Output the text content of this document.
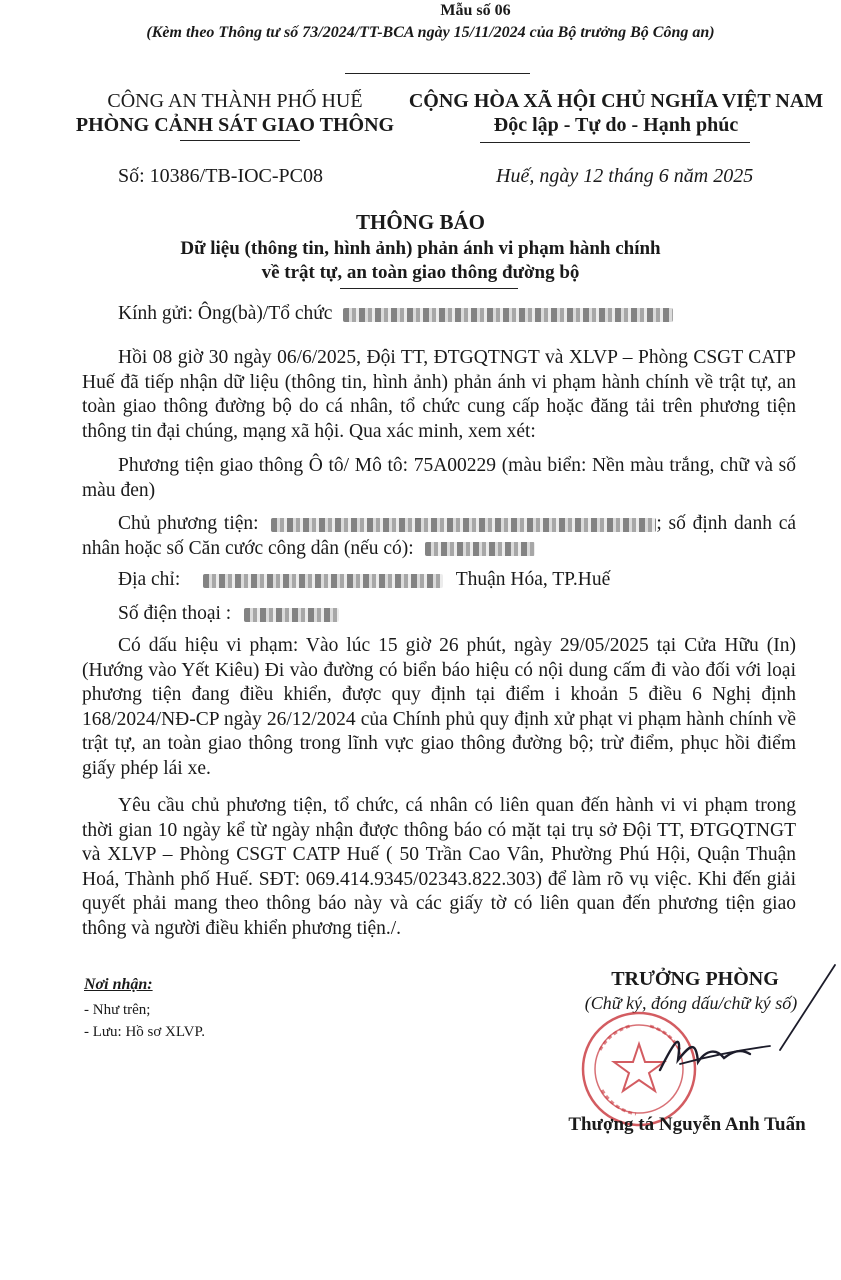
Mẫu số 06
(Kèm theo Thông tư số 73/2024/TT-BCA ngày 15/11/2024 của Bộ trưởng Bộ Công an)
CÔNG AN THÀNH PHỐ HUẾ
PHÒNG CẢNH SÁT GIAO THÔNG
CỘNG HÒA XÃ HỘI CHỦ NGHĨA VIỆT NAM
Độc lập - Tự do - Hạnh phúc
Số: 10386/TB-IOC-PC08	Huế, ngày 12 tháng 6 năm 2025
THÔNG BÁO
Dữ liệu (thông tin, hình ảnh) phản ánh vi phạm hành chính
về trật tự, an toàn giao thông đường bộ
Kính gửi: Ông(bà)/Tổ chức
Hồi 08 giờ 30 ngày 06/6/2025, Đội TT, ĐTGQTNGT và XLVP – Phòng CSGT CATP Huế đã tiếp nhận dữ liệu (thông tin, hình ảnh) phản ánh vi phạm hành chính về trật tự, an toàn giao thông đường bộ do cá nhân, tổ chức cung cấp hoặc đăng tải trên phương tiện thông tin đại chúng, mạng xã hội. Qua xác minh, xem xét:
Phương tiện giao thông Ô tô/ Mô tô: 75A00229 (màu biển: Nền màu trắng, chữ và số màu đen)
Chủ phương tiện:	; số định danh cá nhân hoặc số Căn cước công dân (nếu có):
Địa chỉ:	Thuận Hóa, TP.Huế
Số điện thoại :
Có dấu hiệu vi phạm: Vào lúc 15 giờ 26 phút, ngày 29/05/2025 tại Cửa Hữu (In) (Hướng vào Yết Kiêu) Đi vào đường có biển báo hiệu có nội dung cấm đi vào đối với loại phương tiện đang điều khiển, được quy định tại điểm i khoản 5 điều 6 Nghị định 168/2024/NĐ-CP ngày 26/12/2024 của Chính phủ quy định xử phạt vi phạm hành chính về trật tự, an toàn giao thông trong lĩnh vực giao thông đường bộ; trừ điểm, phục hồi điểm giấy phép lái xe.
Yêu cầu chủ phương tiện, tổ chức, cá nhân có liên quan đến hành vi vi phạm trong thời gian 10 ngày kể từ ngày nhận được thông báo có mặt tại trụ sở Đội TT, ĐTGQTNGT và XLVP – Phòng CSGT CATP Huế ( 50 Trần Cao Vân, Phường Phú Hội, Quận Thuận Hoá, Thành phố Huế. SĐT: 069.414.9345/02343.822.303) để làm rõ vụ việc. Khi đến giải quyết phải mang theo thông báo này và các giấy tờ có liên quan đến phương tiện giao thông và người điều khiển phương tiện./.
Nơi nhận:
- Như trên;
- Lưu: Hồ sơ XLVP.
TRƯỞNG PHÒNG
(Chữ ký, đóng dấu/chữ ký số)
Thượng tá Nguyễn Anh Tuấn
